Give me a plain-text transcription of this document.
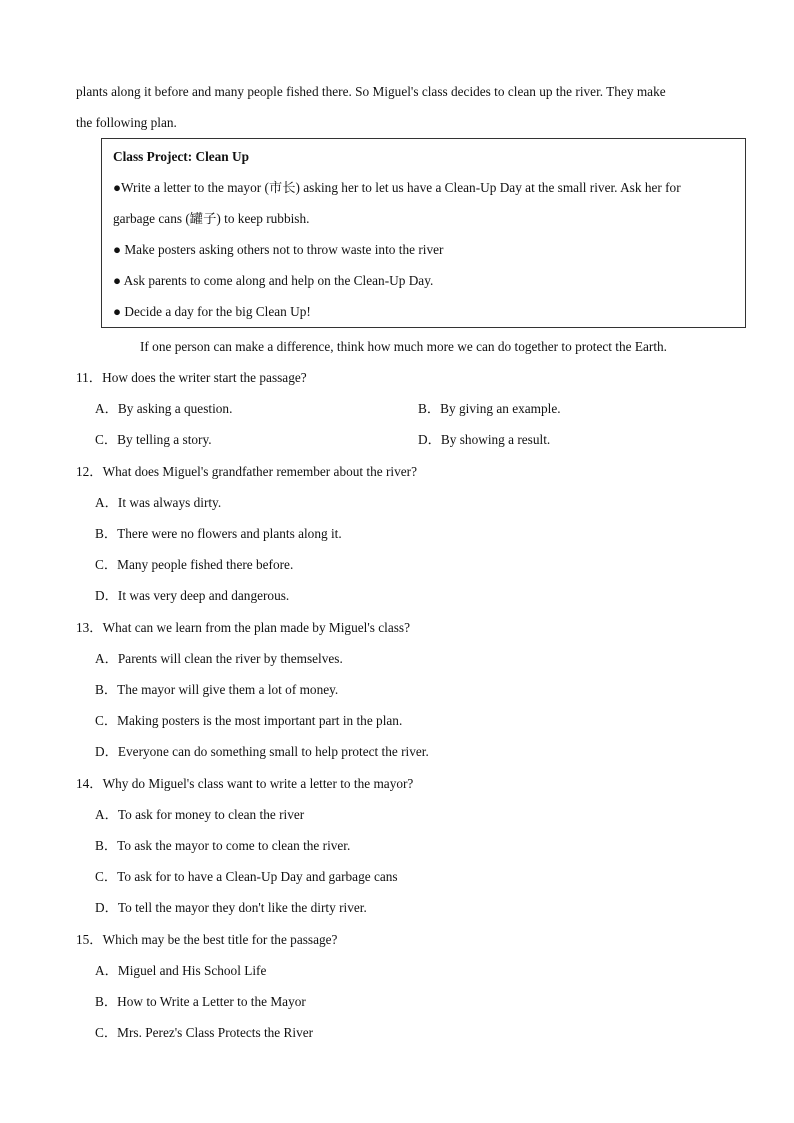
plants along it before and many people fished there. So Miguel's class decides to clean up the river. They make
the following plan.
Class Project: Clean Up
●Write a letter to the mayor (市长) asking her to let us have a Clean-Up Day at the small river. Ask her for
garbage cans (罐子) to keep rubbish.
● Make posters asking others not to throw waste into the river
● Ask parents to come along and help on the Clean-Up Day.
● Decide a day for the big Clean Up!
If one person can make a difference, think how much more we can do together to protect the Earth.
11．How does the writer start the passage?
A．By asking a question.	B．By giving an example.
C．By telling a story.	D．By showing a result.
12．What does Miguel's grandfather remember about the river?
A．It was always dirty.
B．There were no flowers and plants along it.
C．Many people fished there before.
D．It was very deep and dangerous.
13．What can we learn from the plan made by Miguel's class?
A．Parents will clean the river by themselves.
B．The mayor will give them a lot of money.
C．Making posters is the most important part in the plan.
D．Everyone can do something small to help protect the river.
14．Why do Miguel's class want to write a letter to the mayor?
A．To ask for money to clean the river
B．To ask the mayor to come to clean the river.
C．To ask for to have a Clean-Up Day and garbage cans
D．To tell the mayor they don't like the dirty river.
15．Which may be the best title for the passage?
A．Miguel and His School Life
B．How to Write a Letter to the Mayor
C．Mrs. Perez's Class Protects the River
